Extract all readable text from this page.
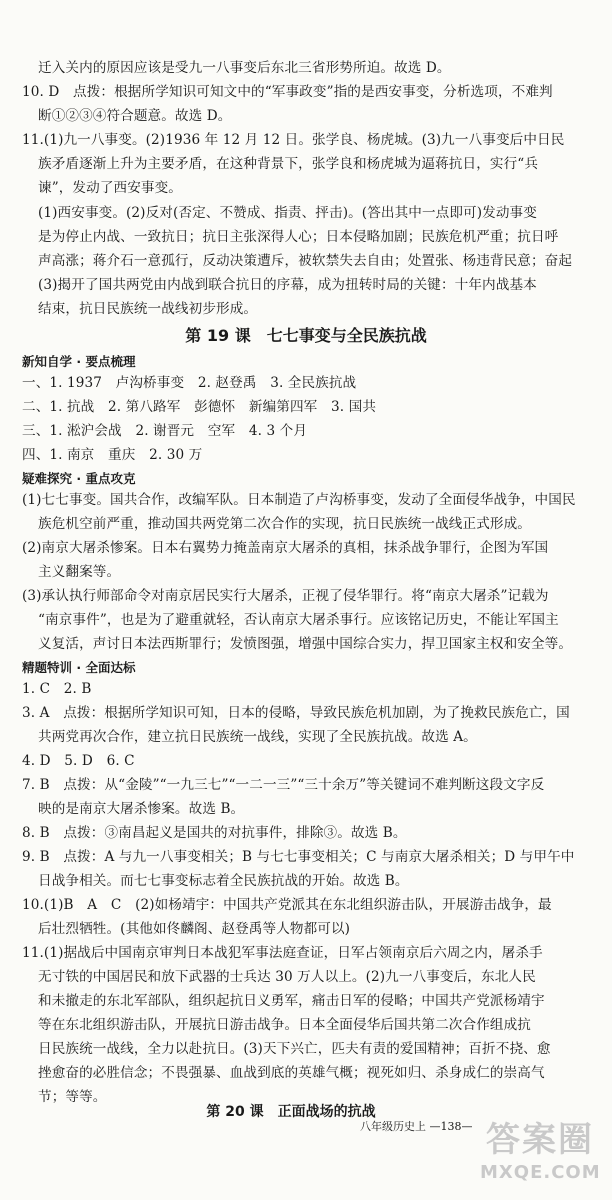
迁入关内的原因应该是受九一八事变后东北三省形势所迫。故选 D。
10. D　点拨：根据所学知识可知文中的“军事政变”指的是西安事变，分析选项，不难判
断①②③④符合题意。故选 D。
11.(1)九一八事变。(2)1936 年 12 月 12 日。张学良、杨虎城。(3)九一八事变后中日民
族矛盾逐渐上升为主要矛盾，在这种背景下，张学良和杨虎城为逼蒋抗日，实行“兵
谏”，发动了西安事变。
(1)西安事变。(2)反对(否定、不赞成、指责、抨击)。(答出其中一点即可)发动事变
是为停止内战、一致抗日；抗日主张深得人心；日本侵略加剧；民族危机严重；抗日呼
声高涨；蒋介石一意孤行，反动决策遭斥，被软禁失去自由；处置张、杨违背民意；奋起
(3)揭开了国共两党由内战到联合抗日的序幕，成为扭转时局的关键：十年内战基本
结束，抗日民族统一战线初步形成。
第 19 课　七七事变与全民族抗战
新知自学 · 要点梳理
一、1. 1937　卢沟桥事变　2. 赵登禹　3. 全民族抗战
二、1. 抗战　2. 第八路军　彭德怀　新编第四军　3. 国共
三、1. 淞沪会战　2. 谢晋元　空军　4. 3 个月
四、1. 南京　重庆　2. 30 万
疑难探究 · 重点攻克
(1)七七事变。国共合作，改编军队。日本制造了卢沟桥事变，发动了全面侵华战争，中国民
族危机空前严重，推动国共两党第二次合作的实现，抗日民族统一战线正式形成。
(2)南京大屠杀惨案。日本右翼势力掩盖南京大屠杀的真相，抹杀战争罪行，企图为军国
主义翻案等。
(3)承认执行师部命令对南京居民实行大屠杀，正视了侵华罪行。将“南京大屠杀”记载为
“南京事件”，也是为了避重就轻，否认南京大屠杀事行。应该铭记历史，不能让军国主
义复活，声讨日本法西斯罪行；发愤图强，增强中国综合实力，捍卫国家主权和安全等。
精题特训 · 全面达标
1. C　2. B
3. A　点拨：根据所学知识可知，日本的侵略，导致民族危机加剧，为了挽救民族危亡，国
共两党再次合作，建立抗日民族统一战线，实现了全民族抗战。故选 A。
4. D　5. D　6. C
7. B　点拨：从“金陵”“一九三七”“一二一三”“三十余万”等关键词不难判断这段文字反
映的是南京大屠杀惨案。故选 B。
8. B　点拨：③南昌起义是国共的对抗事件，排除③。故选 B。
9. B　点拨：A 与九一八事变相关；B 与七七事变相关；C 与南京大屠杀相关；D 与甲午中
日战争相关。而七七事变标志着全民族抗战的开始。故选 B。
10.(1)B　A　C　(2)如杨靖宇：中国共产党派其在东北组织游击队，开展游击战争，最
后壮烈牺牲。(其他如佟麟阁、赵登禹等人物都可以)
11.(1)据战后中国南京审判日本战犯军事法庭查证，日军占领南京后六周之内，屠杀手
无寸铁的中国居民和放下武器的士兵达 30 万人以上。(2)九一八事变后，东北人民
和未撤走的东北军部队，组织起抗日义勇军，痛击日军的侵略；中国共产党派杨靖宇
等在东北组织游击队，开展抗日游击战争。日本全面侵华后国共第二次合作组成抗
日民族统一战线，全力以赴抗日。(3)天下兴亡，匹夫有责的爱国精神；百折不挠、愈
挫愈奋的必胜信念；不畏强暴、血战到底的英雄气概；视死如归、杀身成仁的崇高气
节；等等。
第 20 课　正面战场的抗战
八年级历史上 —138— 答案圈
MXQE.COM
